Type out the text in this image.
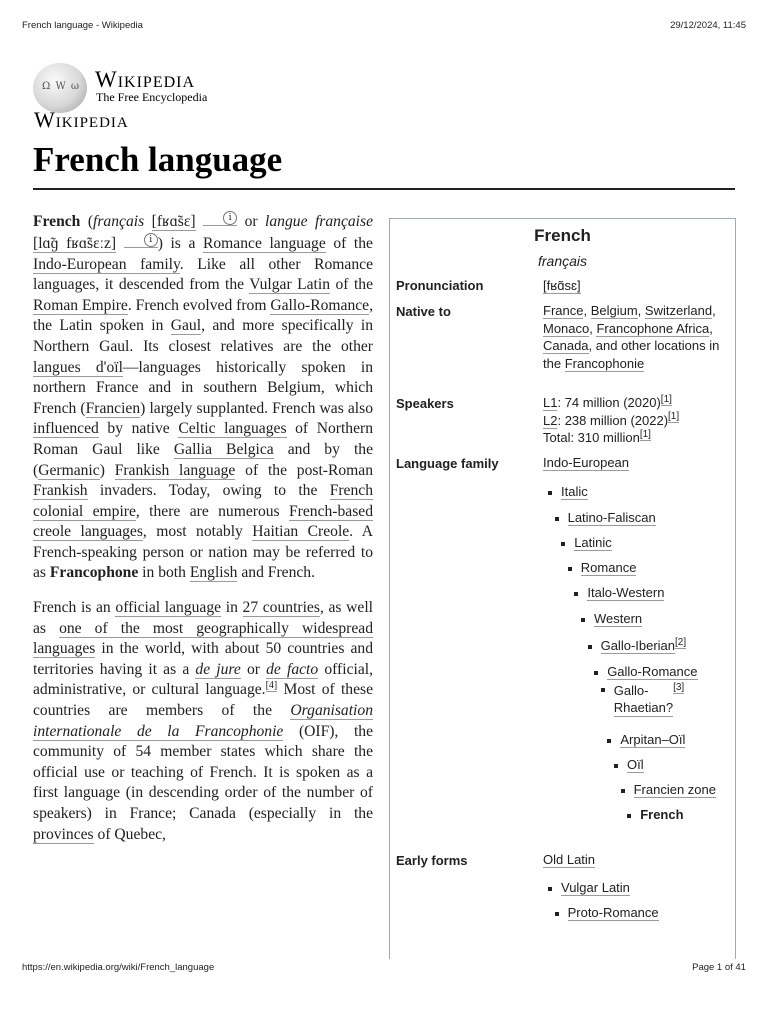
French language - Wikipedia	29/12/2024, 11:45
Ω W ω
Wikipedia
The Free Encyclopedia
Wikipedia
French language

French (français [fʁɑ̃sɛ]	i or langue française [lɑ̃ɡ fʁɑ̃sɛːz]	i ) is a Romance language of the Indo-European family. Like all other Romance languages, it descended from the Vulgar Latin of the Roman Empire. French evolved from Gallo-Romance, the Latin spoken in Gaul, and more specifically in Northern Gaul. Its closest relatives are the other langues d'oïl—languages historically spoken in northern France and in southern Belgium, which French (Francien) largely supplanted. French was also influenced by native Celtic languages of Northern Roman Gaul like Gallia Belgica and by the (Germanic) Frankish language of the post-Roman Frankish invaders. Today, owing to the French colonial empire, there are numerous French-based creole languages, most notably Haitian Creole. A French-speaking person or nation may be referred to as Francophone in both English and French.

French is an official language in 27 countries, as well as one of the most geographically widespread languages in the world, with about 50 countries and territories having it as a de jure or de facto official, administrative, or cultural language.[4] Most of these countries are members of the Organisation internationale de la Francophonie (OIF), the community of 54 member states which share the official use or teaching of French. It is spoken as a first language (in descending order of the number of speakers) in France; Canada (especially in the provinces of Quebec,

French
français
Pronunciation	[fʁɑ̃sɛ]
Native to	France, Belgium, Switzerland, Monaco, Francophone Africa, Canada, and other locations in the Francophonie
Speakers	L1: 74 million (2020)[1]
L2: 238 million (2022)[1]
Total: 310 million[1]
Language family	Indo-European
Italic
Latino-Faliscan
Latinic
Romance
Italo-Western
Western
Gallo-Iberian[2]
Gallo-Romance
Gallo-
Rhaetian?[3]
Arpitan–Oïl
Oïl
Francien zone
French
Early forms	Old Latin
Vulgar Latin
Proto-Romance
https://en.wikipedia.org/wiki/French_language	Page 1 of 41
